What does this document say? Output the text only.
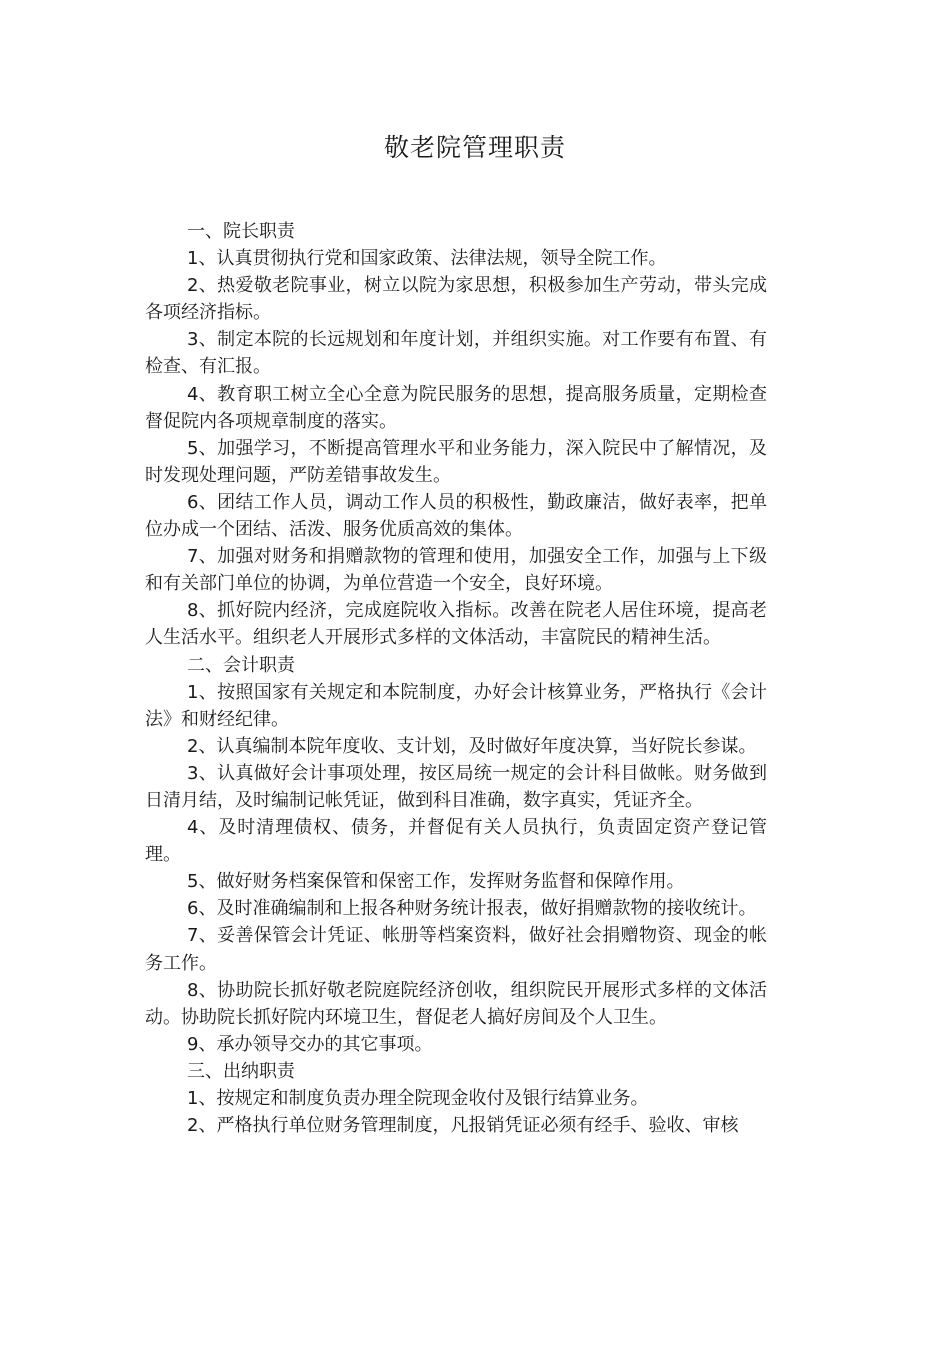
敬老院管理职责

一、院长职责

1、认真贯彻执行党和国家政策、法律法规，领导全院工作。

2、热爱敬老院事业，树立以院为家思想，积极参加生产劳动，带头完成各项经济指标。

3、制定本院的长远规划和年度计划，并组织实施。对工作要有布置、有检查、有汇报。

4、教育职工树立全心全意为院民服务的思想，提高服务质量，定期检查督促院内各项规章制度的落实。

5、加强学习，不断提高管理水平和业务能力，深入院民中了解情况，及时发现处理问题，严防差错事故发生。

6、团结工作人员，调动工作人员的积极性，勤政廉洁，做好表率，把单位办成一个团结、活泼、服务优质高效的集体。

7、加强对财务和捐赠款物的管理和使用，加强安全工作，加强与上下级和有关部门单位的协调，为单位营造一个安全，良好环境。

8、抓好院内经济，完成庭院收入指标。改善在院老人居住环境，提高老人生活水平。组织老人开展形式多样的文体活动，丰富院民的精神生活。

二、会计职责

1、按照国家有关规定和本院制度，办好会计核算业务，严格执行《会计法》和财经纪律。

2、认真编制本院年度收、支计划，及时做好年度决算，当好院长参谋。

3、认真做好会计事项处理，按区局统一规定的会计科目做帐。财务做到日清月结，及时编制记帐凭证，做到科目准确，数字真实，凭证齐全。

4、及时清理债权、债务，并督促有关人员执行，负责固定资产登记管理。

5、做好财务档案保管和保密工作，发挥财务监督和保障作用。

6、及时准确编制和上报各种财务统计报表，做好捐赠款物的接收统计。

7、妥善保管会计凭证、帐册等档案资料，做好社会捐赠物资、现金的帐务工作。

8、协助院长抓好敬老院庭院经济创收，组织院民开展形式多样的文体活动。协助院长抓好院内环境卫生，督促老人搞好房间及个人卫生。

9、承办领导交办的其它事项。

三、出纳职责

1、按规定和制度负责办理全院现金收付及银行结算业务。

2、严格执行单位财务管理制度，凡报销凭证必须有经手、验收、审核
